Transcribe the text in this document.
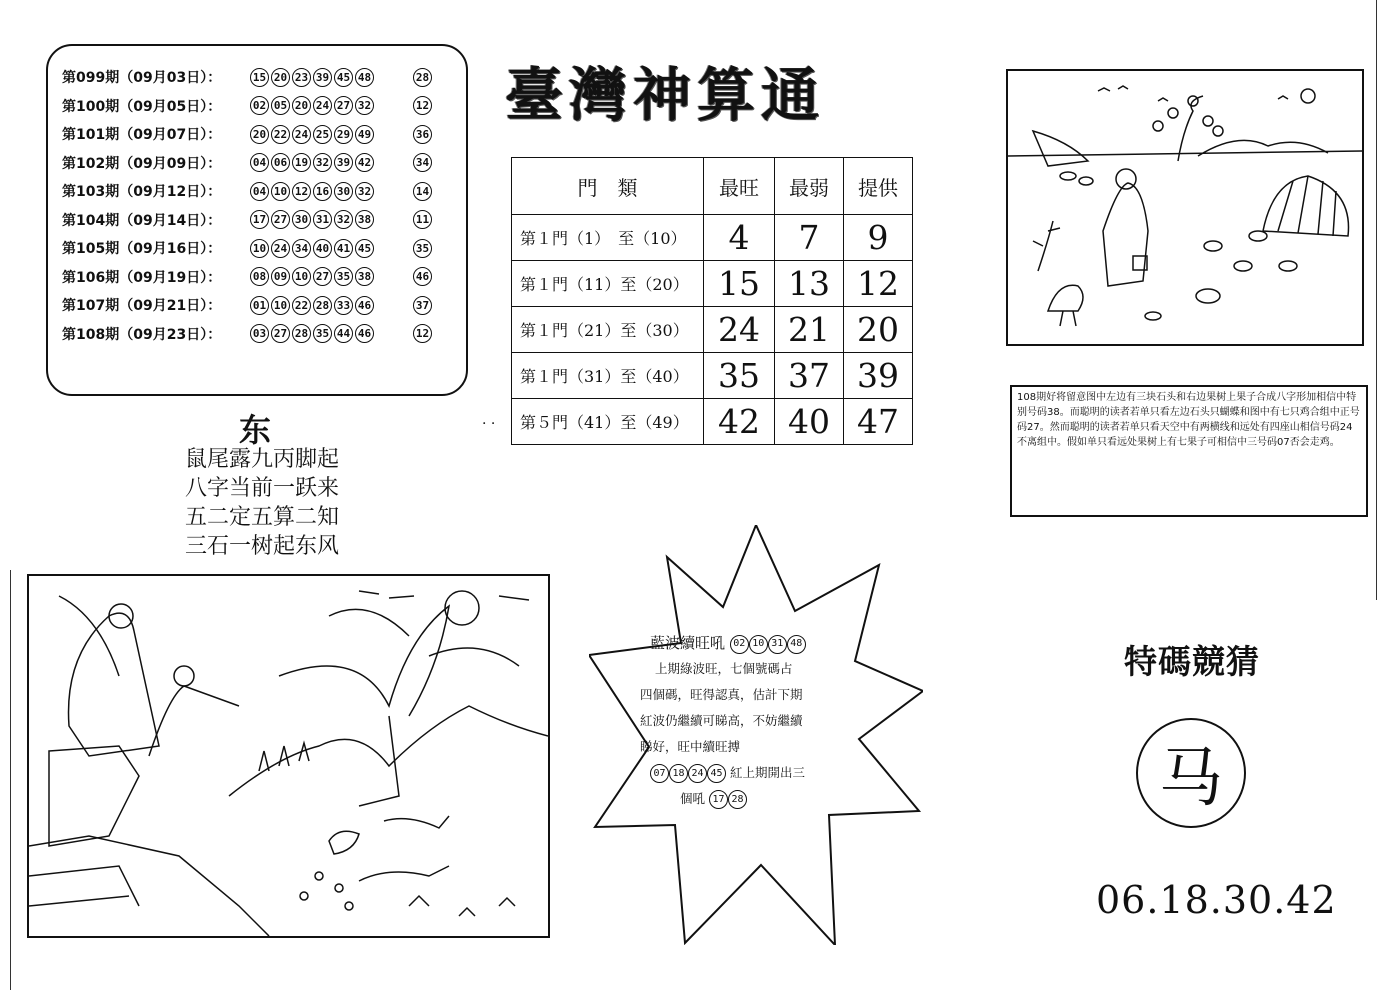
第099期（09月03日）：	15 20 23 39 45 48	28
第100期（09月05日）：	02 05 20 24 27 32	12
第101期（09月07日）：	20 22 24 25 29 49	36
第102期（09月09日）：	04 06 19 32 39 42	34
第103期（09月12日）：	04 10 12 16 30 32	14
第104期（09月14日）：	17 27 30 31 32 38	11
第105期（09月16日）：	10 24 34 40 41 45	35
第106期（09月19日）：	08 09 10 27 35 38	46
第107期（09月21日）：	01 10 22 28 33 46	37
第108期（09月23日）：	03 27 28 35 44 46	12
臺灣神算通
門　類	最旺	最弱	提供
第１門（1）　至（10）	4	7	9
第１門（11）至（20）	15	13	12
第１門（21）至（30）	24	21	20
第１門（31）至（40）	35	37	39
第５門（41）至（49）	42	40	47
· ·
东
鼠尾露九丙脚起
八字当前一跃来
五二定五算二知
三石一树起东风
108期好将留意图中左边有三块石头和右边果树上果子合成八字形加相信中特别号码38。而聪明的读者若单只看左边石头只蝴蝶和图中有七只鸡合组中正号码27。然而聪明的读者若单只看天空中有两横线和远处有四座山相信号码24不离组中。假如单只看远处果树上有七果子可相信中三号码07否会走鸡。
藍波續旺吼 02 10 31 48
上期綠波旺，七個號碼占
四個碼，旺得認真，估計下期
紅波仍繼續可睇高，不妨繼續
睇好，旺中續旺搏
07 18 24 45 紅上期開出三
個吼 17 28
特碼競猜
马
06.18.30.42
